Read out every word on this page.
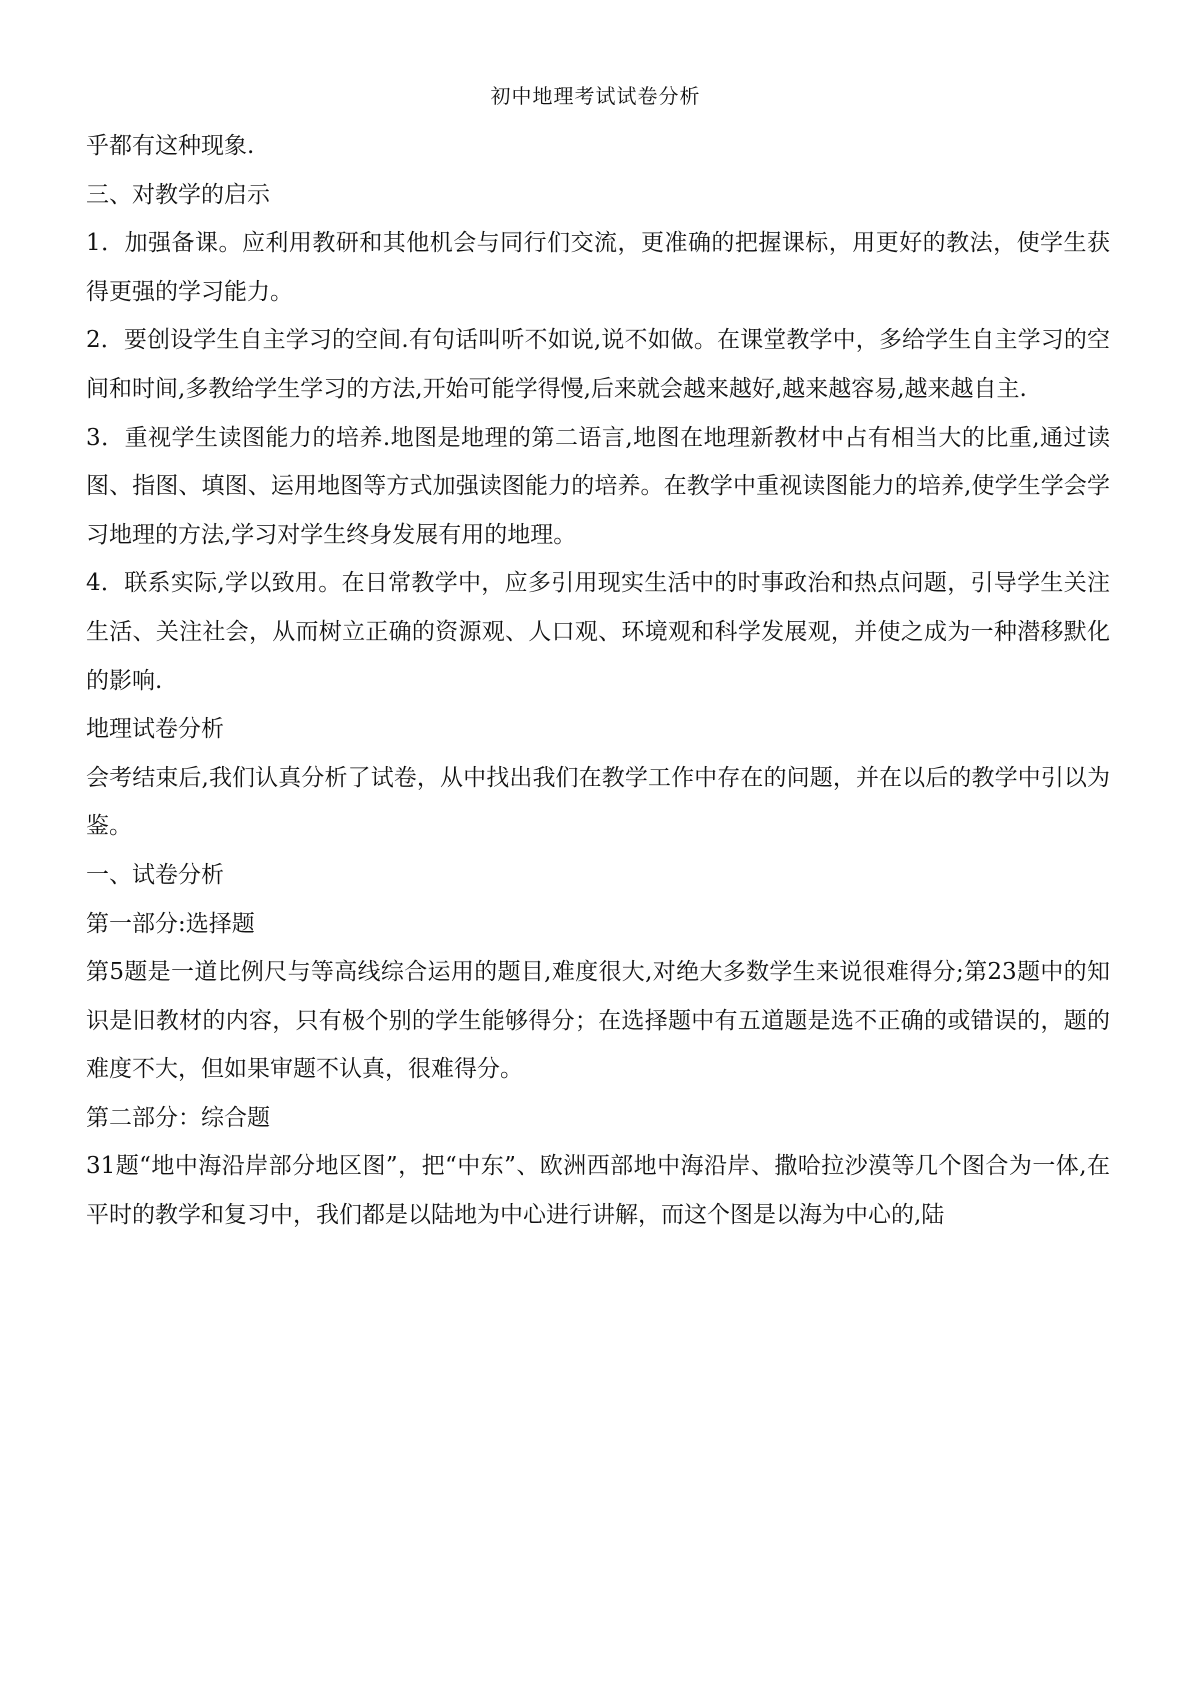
初中地理考试试卷分析

乎都有这种现象.

三、对教学的启示

1．加强备课。应利用教研和其他机会与同行们交流，更准确的把握课标，用更好的教法，使学生获得更强的学习能力。

2．要创设学生自主学习的空间.有句话叫听不如说,说不如做。在课堂教学中，多给学生自主学习的空间和时间,多教给学生学习的方法,开始可能学得慢,后来就会越来越好,越来越容易,越来越自主.

3．重视学生读图能力的培养.地图是地理的第二语言,地图在地理新教材中占有相当大的比重,通过读图、指图、填图、运用地图等方式加强读图能力的培养。在教学中重视读图能力的培养,使学生学会学习地理的方法,学习对学生终身发展有用的地理。

4．联系实际,学以致用。在日常教学中，应多引用现实生活中的时事政治和热点问题，引导学生关注生活、关注社会，从而树立正确的资源观、人口观、环境观和科学发展观，并使之成为一种潜移默化的影响.

地理试卷分析

会考结束后,我们认真分析了试卷，从中找出我们在教学工作中存在的问题，并在以后的教学中引以为鉴。

一、试卷分析

第一部分:选择题

第5题是一道比例尺与等高线综合运用的题目,难度很大,对绝大多数学生来说很难得分;第23题中的知识是旧教材的内容，只有极个别的学生能够得分；在选择题中有五道题是选不正确的或错误的，题的难度不大，但如果审题不认真，很难得分。

第二部分：综合题

31题“地中海沿岸部分地区图”，把“中东”、欧洲西部地中海沿岸、撒哈拉沙漠等几个图合为一体,在平时的教学和复习中，我们都是以陆地为中心进行讲解，而这个图是以海为中心的,陆
